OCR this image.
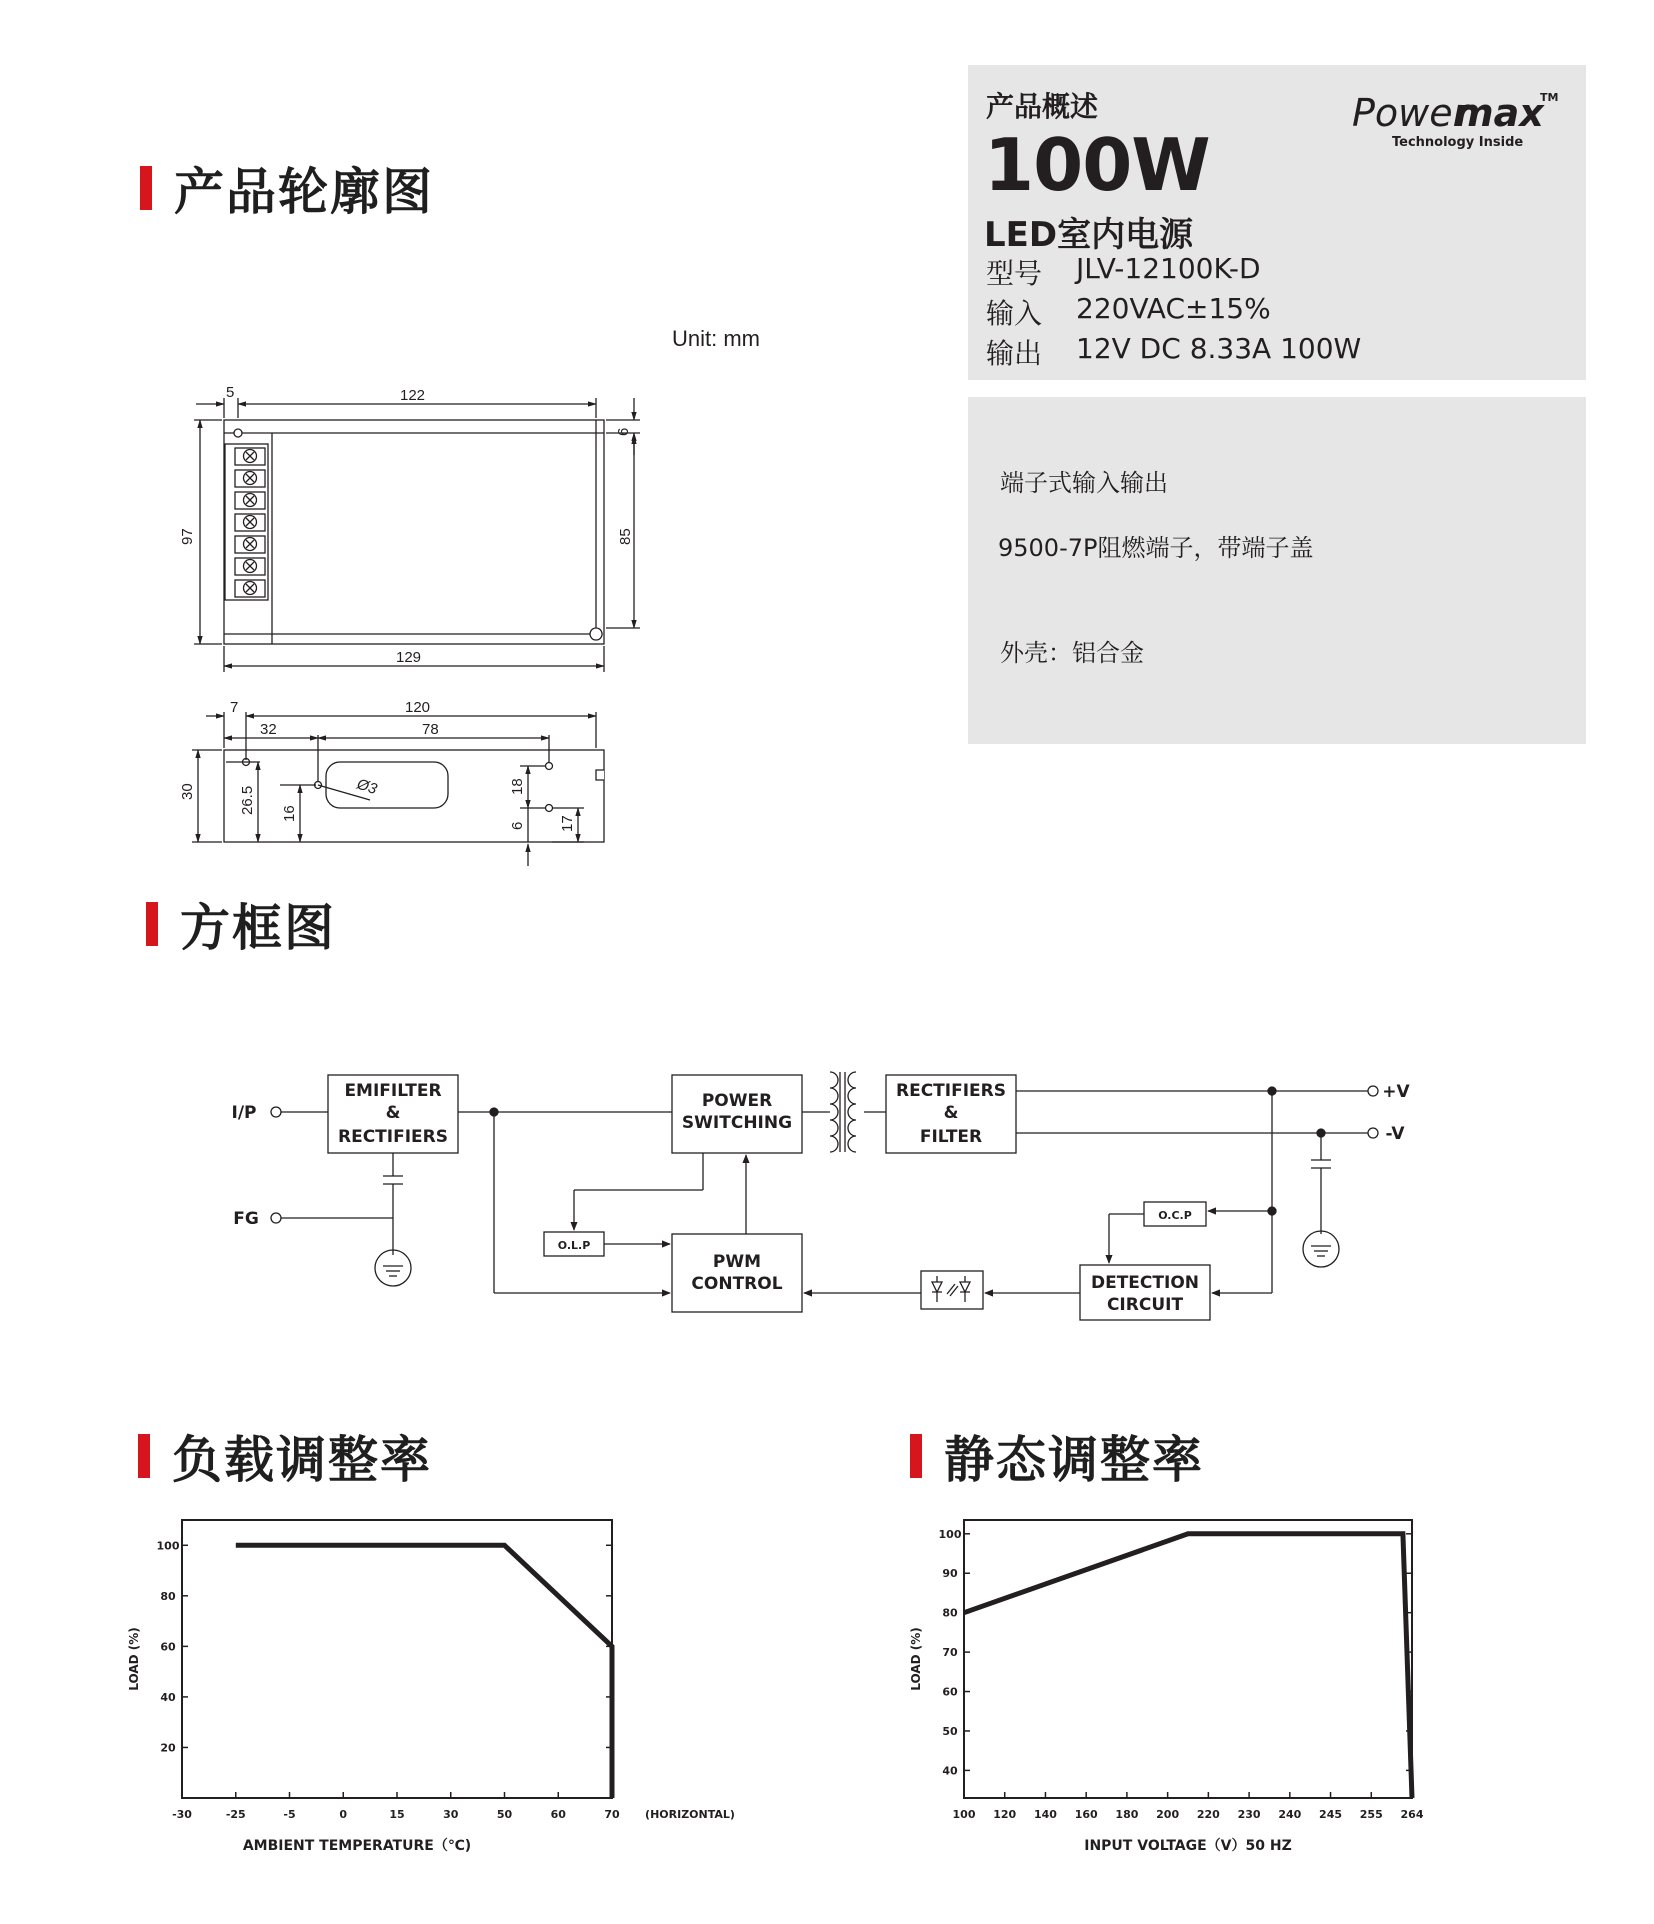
产品轮廓图
方框图
负载调整率	静态调整率
产品概述
100W
LED室内电源
型号 JLV-12100K-D
输入 220VAC±15%
输出 12V DC 8.33A 100W
Power
max
TM
Technology Inside
端子式输入输出
9500-7P阻燃端子，带端子盖
外壳：铝合金
Unit: mm
5	122
6
97	85
129
7	120
32	78
30	26.5 16
18
6 17
Ø3
EMIFILTER
&
RECTIFIERS
POWER
SWITCHING
RECTIFIERS
&
FILTER
PWM
CONTROL	DETECTION
CIRCUIT
O.L.P
O.C.P
I/P
FG
+V
-V
-30	-25	-5	0	15	30	50	60	70
20
40
60
80
100
AMBIENT TEMPERATURE（℃)
LOAD (%)
(HORIZONTAL)	100 120 140 160 180 200 220 230 240 245 255 264
40
50
60
70
80
90
100
INPUT VOLTAGE（V）50 HZ
LOAD (%)
